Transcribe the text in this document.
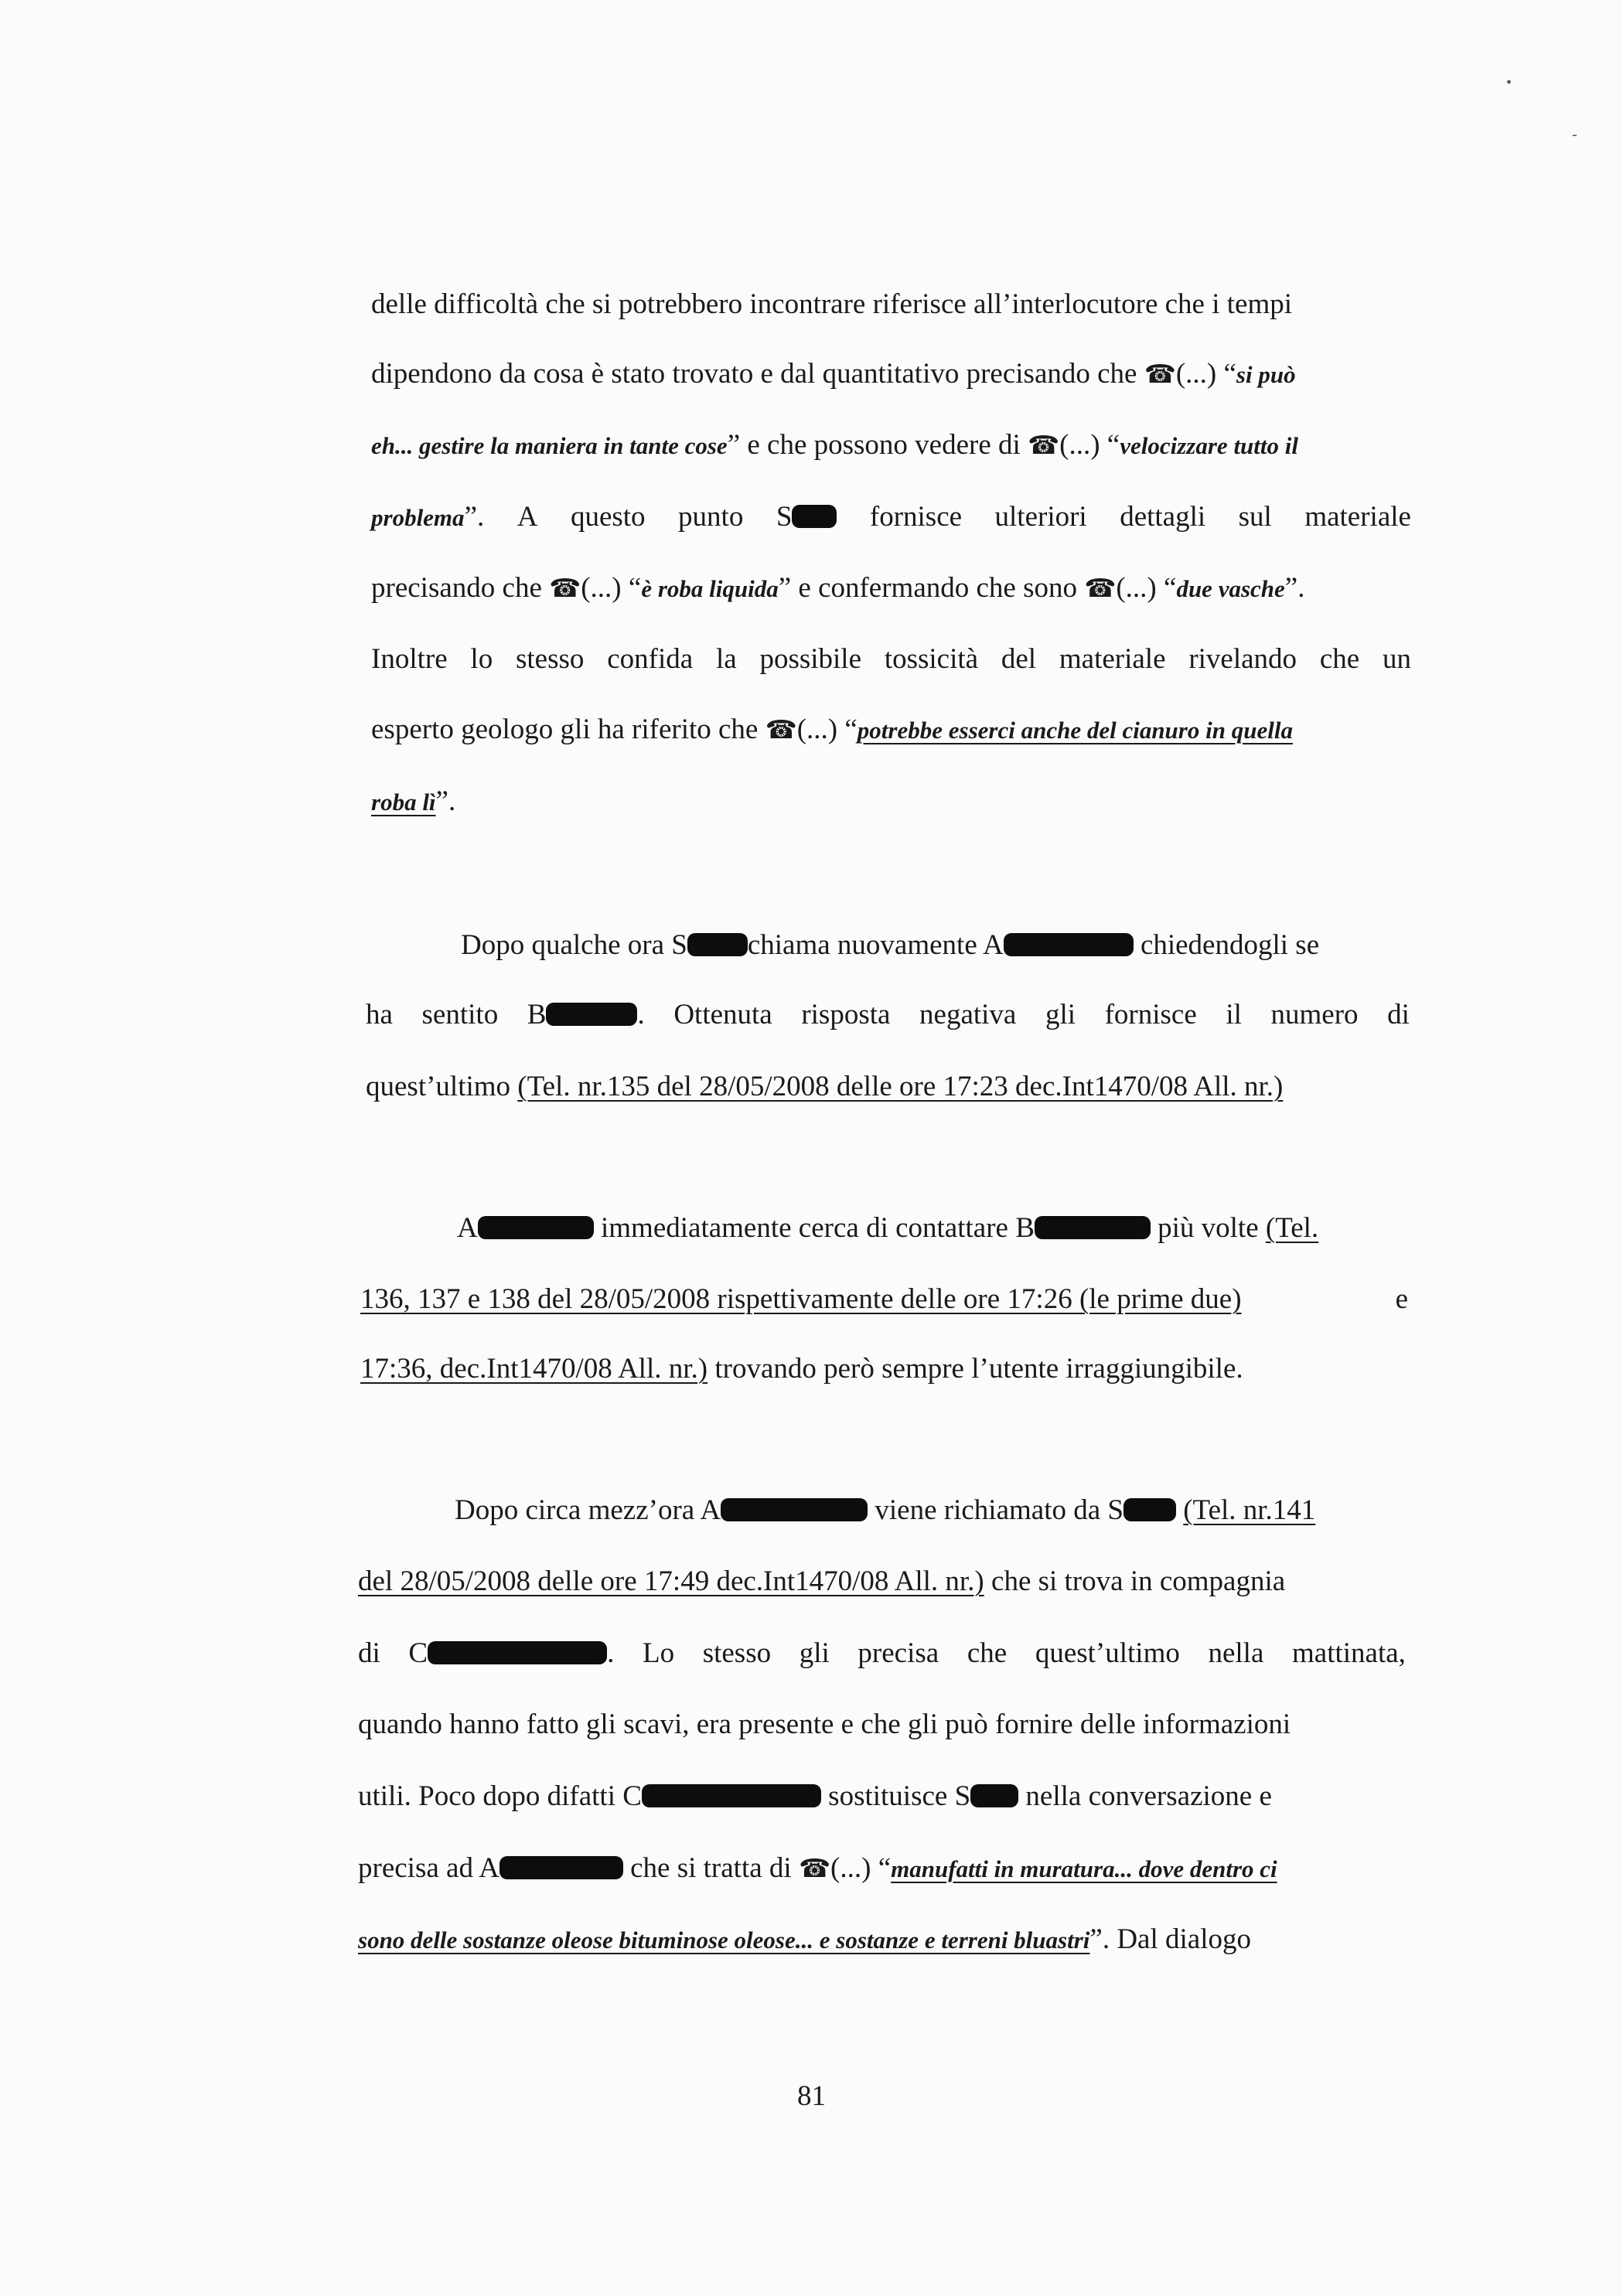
•
-
delle difficoltà che si potrebbero incontrare riferisce all’interlocutore che i tempi
dipendono da cosa è stato trovato e dal quantitativo precisando che ☎(...) “si può
eh... gestire la maniera in tante cose” e che possono vedere di ☎(...) “velocizzare tutto il
problema”. A questo punto S	fornisce ulteriori dettagli sul materiale
precisando che ☎(...) “è roba liquida” e confermando che sono ☎(...) “due vasche”.
Inoltre lo stesso confida la possibile tossicità del materiale rivelando che un
esperto geologo gli ha riferito che ☎(...) “potrebbe esserci anche del cianuro in quella
roba lì”.
Dopo qualche ora S chiama nuovamente A	chiedendogli se
ha sentito B	. Ottenuta risposta negativa gli fornisce il numero di
quest’ultimo (Tel. nr.135 del 28/05/2008 delle ore 17:23 dec.Int1470/08 All. nr.)
A	immediatamente cerca di contattare B	più volte (Tel.
136, 137 e 138 del 28/05/2008 rispettivamente delle ore 17:26 (le prime due)	e
17:36, dec.Int1470/08 All. nr.) trovando però sempre l’utente irraggiungibile.
Dopo circa mezz’ora A	viene richiamato da S (Tel. nr.141
del 28/05/2008 delle ore 17:49 dec.Int1470/08 All. nr.) che si trova in compagnia
di C	. Lo stesso gli precisa che quest’ultimo nella mattinata,
quando hanno fatto gli scavi, era presente e che gli può fornire delle informazioni
utili. Poco dopo difatti C	sostituisce S nella conversazione e
precisa ad A	che si tratta di ☎(...) “manufatti in muratura... dove dentro ci
sono delle sostanze oleose bituminose oleose... e sostanze e terreni bluastri”. Dal dialogo
81
